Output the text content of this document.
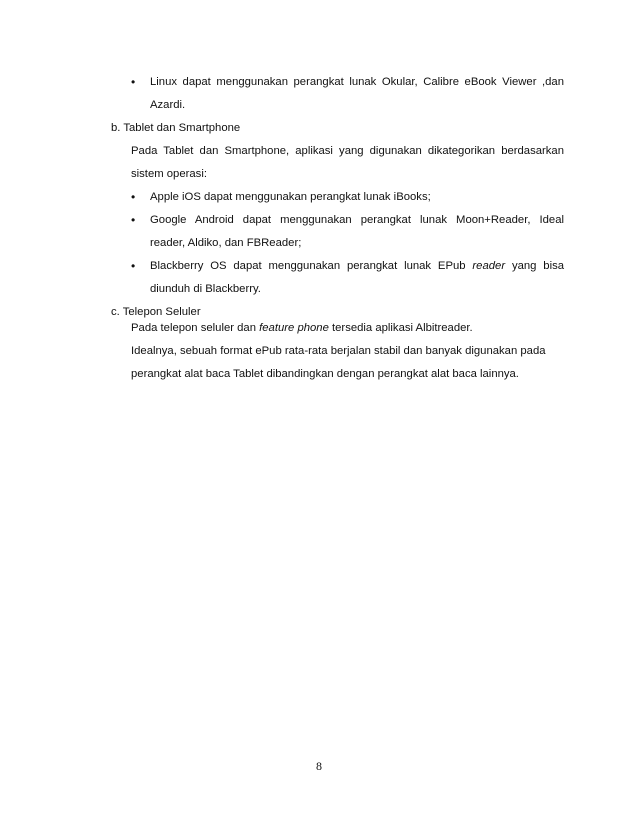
• Linux dapat menggunakan perangkat lunak Okular, Calibre eBook Viewer ,dan
Azardi.
b. Tablet dan Smartphone
Pada Tablet dan Smartphone, aplikasi yang digunakan dikategorikan berdasarkan
sistem operasi:
• Apple iOS dapat menggunakan perangkat lunak iBooks;
• Google Android dapat menggunakan perangkat lunak Moon+Reader, Ideal
reader, Aldiko, dan FBReader;
• Blackberry OS dapat menggunakan perangkat lunak EPub reader yang bisa
diunduh di Blackberry.
c. Telepon Seluler
Pada telepon seluler dan feature phone tersedia aplikasi Albitreader.
Idealnya, sebuah format ePub rata-rata berjalan stabil dan banyak digunakan pada
perangkat alat baca Tablet dibandingkan dengan perangkat alat baca lainnya.
8
